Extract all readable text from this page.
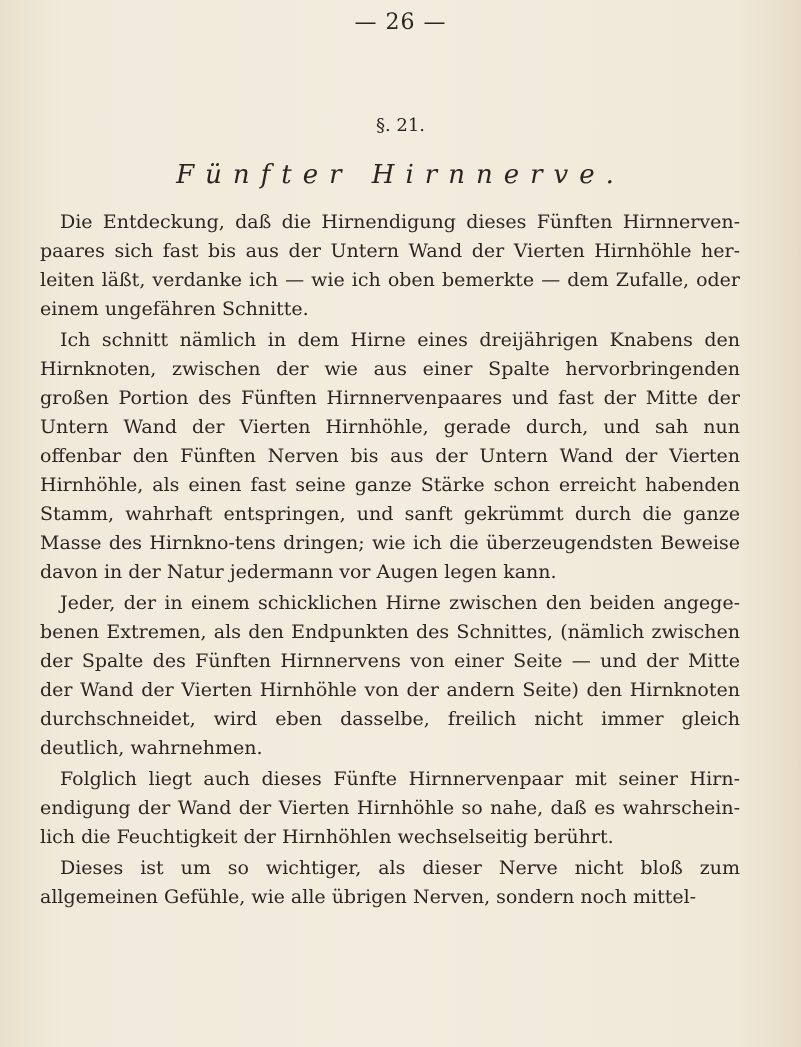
— 26 —
§. 21.
Fünfter Hirnnerve.

Die Entdeckung, daß die Hirnendigung dieses Fünften Hirnnerven-paares sich fast bis aus der Untern Wand der Vierten Hirnhöhle her-leiten läßt, verdanke ich — wie ich oben bemerkte — dem Zufalle, oder einem ungefähren Schnitte.

Ich schnitt nämlich in dem Hirne eines dreijährigen Knabens den Hirnknoten, zwischen der wie aus einer Spalte hervorbringenden großen Portion des Fünften Hirnnervenpaares und fast der Mitte der Untern Wand der Vierten Hirnhöhle, gerade durch, und sah nun offenbar den Fünften Nerven bis aus der Untern Wand der Vierten Hirnhöhle, als einen fast seine ganze Stärke schon erreicht habenden Stamm, wahrhaft entspringen, und sanft gekrümmt durch die ganze Masse des Hirnkno-tens dringen; wie ich die überzeugendsten Beweise davon in der Natur jedermann vor Augen legen kann.

Jeder, der in einem schicklichen Hirne zwischen den beiden angege-benen Extremen, als den Endpunkten des Schnittes, (nämlich zwischen der Spalte des Fünften Hirnnervens von einer Seite — und der Mitte der Wand der Vierten Hirnhöhle von der andern Seite) den Hirnknoten durchschneidet, wird eben dasselbe, freilich nicht immer gleich deutlich, wahrnehmen.

Folglich liegt auch dieses Fünfte Hirnnervenpaar mit seiner Hirn-endigung der Wand der Vierten Hirnhöhle so nahe, daß es wahrschein-lich die Feuchtigkeit der Hirnhöhlen wechselseitig berührt.

Dieses ist um so wichtiger, als dieser Nerve nicht bloß zum allgemeinen Gefühle, wie alle übrigen Nerven, sondern noch mittel-
